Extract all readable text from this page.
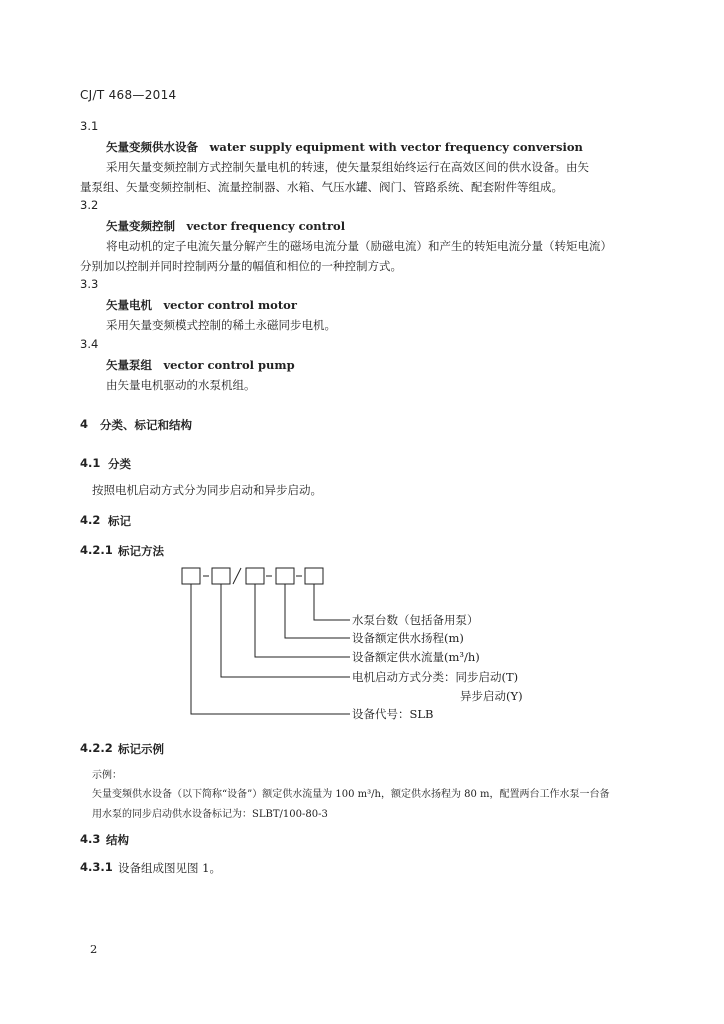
CJ/T 468—2014
3.1
矢量变频供水设备　water supply equipment with vector frequency conversion
采用矢量变频控制方式控制矢量电机的转速，使矢量泵组始终运行在高效区间的供水设备。由矢
量泵组、矢量变频控制柜、流量控制器、水箱、气压水罐、阀门、管路系统、配套附件等组成。
3.2
矢量变频控制　vector frequency control
将电动机的定子电流矢量分解产生的磁场电流分量（励磁电流）和产生的转矩电流分量（转矩电流）
分别加以控制并同时控制两分量的幅值和相位的一种控制方式。
3.3
矢量电机　vector control motor
采用矢量变频模式控制的稀土永磁同步电机。
3.4
矢量泵组　vector control pump
由矢量电机驱动的水泵机组。
4 分类、标记和结构
4.1 分类
按照电机启动方式分为同步启动和异步启动。
4.2 标记
4.2.1 标记方法
水泵台数（包括备用泵）
设备额定供水扬程(m)
设备额定供水流量(m³/h)
电机启动方式分类：同步启动(T)
异步启动(Y)
设备代号：SLB
4.2.2 标记示例
示例：
矢量变频供水设备（以下简称“设备”）额定供水流量为 100 m³/h，额定供水扬程为 80 m，配置两台工作水泵一台备
用水泵的同步启动供水设备标记为：SLBT/100-80-3
4.3 结构
4.3.1 设备组成图见图 1。
2
